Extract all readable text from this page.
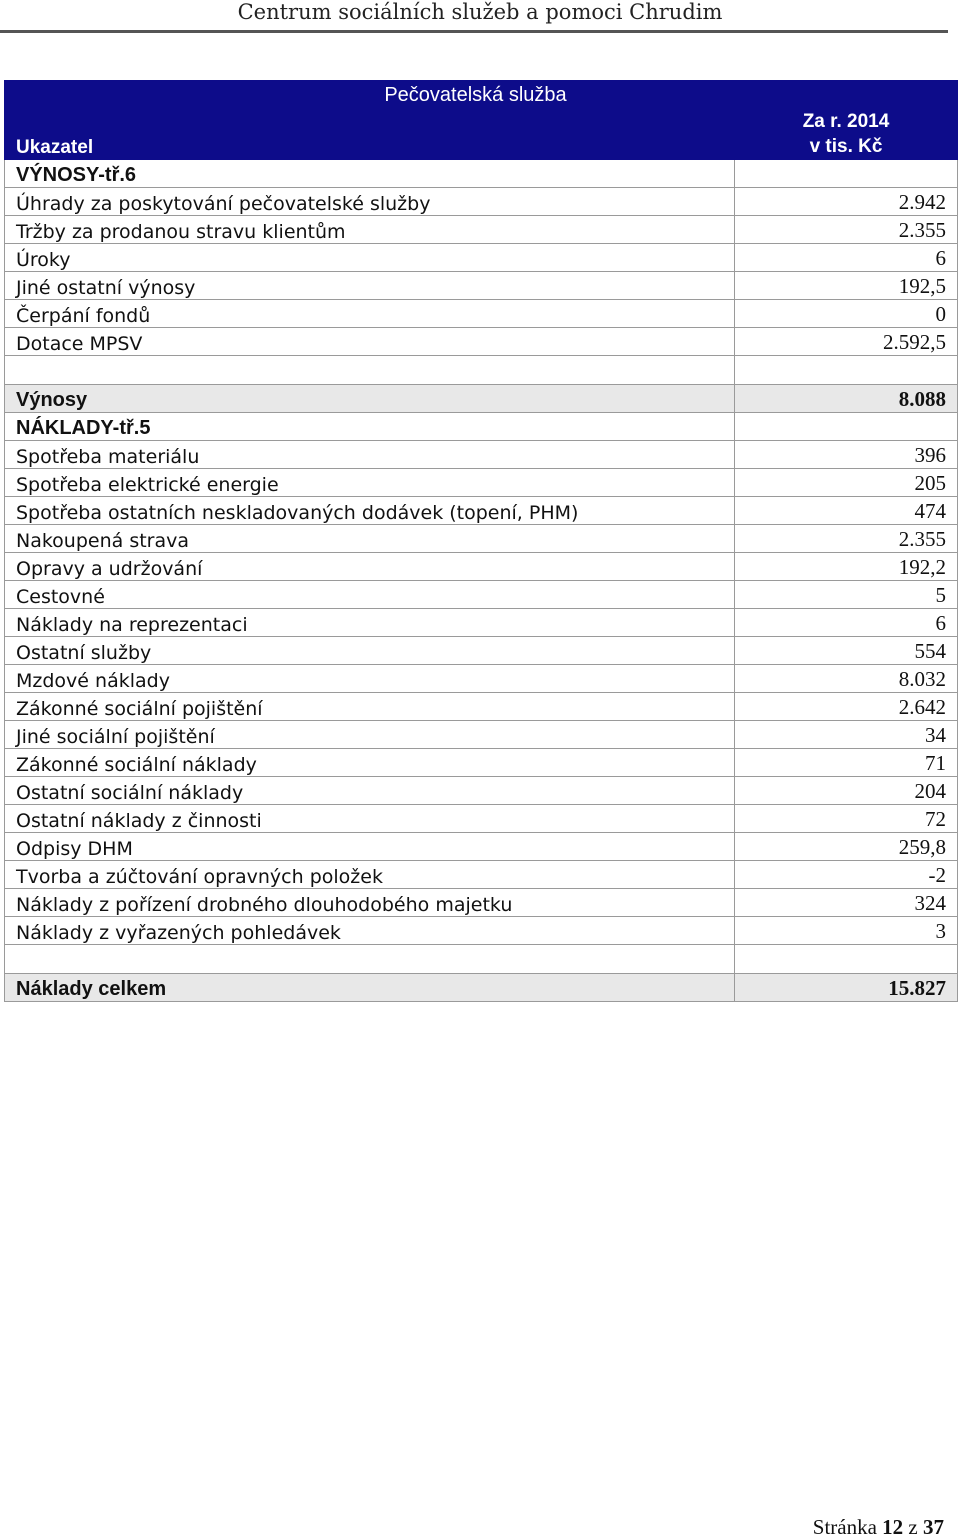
Centrum sociálních služeb a pomoci Chrudim
Pečovatelská služba	
Ukazatel	Za r. 2014
v tis. Kč
VÝNOSY-tř.6	
Úhrady za poskytování pečovatelské služby	2.942
Tržby za prodanou stravu klientům	2.355
Úroky	6
Jiné ostatní výnosy	192,5
Čerpání fondů	0
Dotace MPSV	2.592,5

Výnosy	8.088
NÁKLADY-tř.5	
Spotřeba materiálu	396
Spotřeba elektrické energie	205
Spotřeba ostatních neskladovaných dodávek (topení, PHM)	474
Nakoupená strava	2.355
Opravy a udržování	192,2
Cestovné	5
Náklady na reprezentaci	6
Ostatní služby	554
Mzdové náklady	8.032
Zákonné sociální pojištění	2.642
Jiné sociální pojištění	34
Zákonné sociální náklady	71
Ostatní sociální náklady	204
Ostatní náklady z činnosti	72
Odpisy DHM	259,8
Tvorba a zúčtování opravných položek	-2
Náklady z pořízení drobného dlouhodobého majetku	324
Náklady z vyřazených pohledávek	3

Náklady celkem	15.827
Stránka 12 z 37
